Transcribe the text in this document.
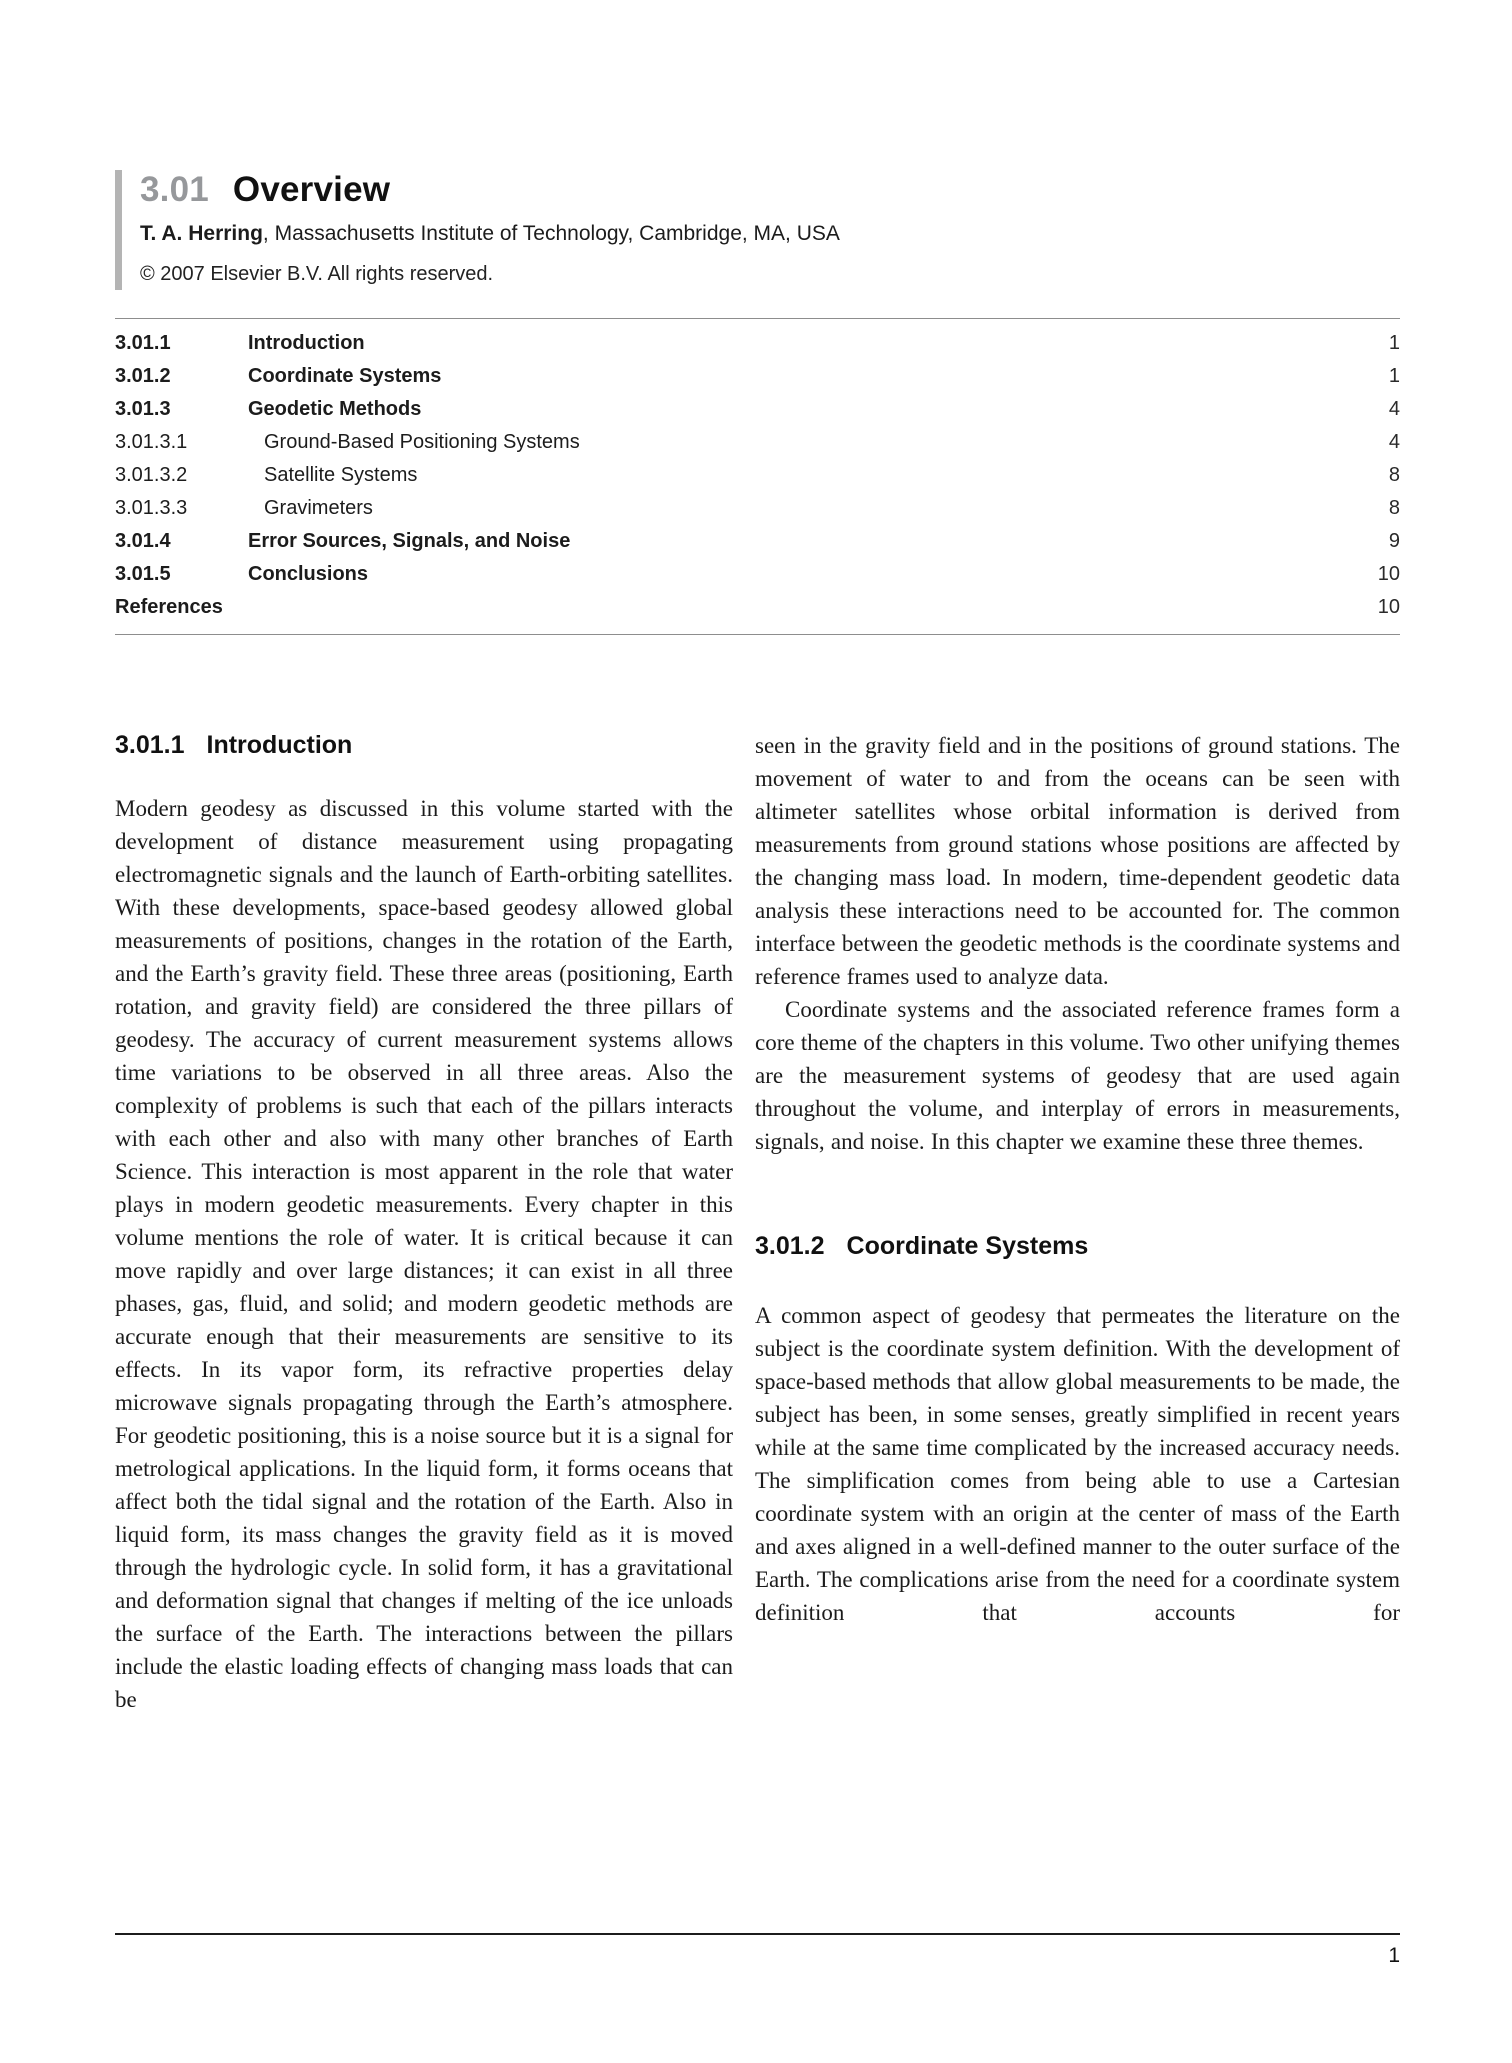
3.01 Overview

T. A. Herring, Massachusetts Institute of Technology, Cambridge, MA, USA

© 2007 Elsevier B.V. All rights reserved.

3.01.1	Introduction	1
3.01.2	Coordinate Systems	1
3.01.3	Geodetic Methods	4
3.01.3.1	Ground-Based Positioning Systems	4
3.01.3.2	Satellite Systems	8
3.01.3.3	Gravimeters	8
3.01.4	Error Sources, Signals, and Noise	9
3.01.5	Conclusions	10
References	10
3.01.1 Introduction

Modern geodesy as discussed in this volume started with the development of distance measurement using propagating electromagnetic signals and the launch of Earth-orbiting satellites. With these developments, space-based geodesy allowed global measurements of positions, changes in the rotation of the Earth, and the Earth’s gravity field. These three areas (positioning, Earth rotation, and gravity field) are considered the three pillars of geodesy. The accuracy of current measurement systems allows time variations to be observed in all three areas. Also the complexity of problems is such that each of the pillars interacts with each other and also with many other branches of Earth Science. This interaction is most apparent in the role that water plays in modern geodetic measurements. Every chapter in this volume mentions the role of water. It is critical because it can move rapidly and over large distances; it can exist in all three phases, gas, fluid, and solid; and modern geodetic methods are accurate enough that their measurements are sensitive to its effects. In its vapor form, its refractive properties delay microwave signals propagating through the Earth’s atmosphere. For geodetic positioning, this is a noise source but it is a signal for metrological applications. In the liquid form, it forms oceans that affect both the tidal signal and the rotation of the Earth. Also in liquid form, its mass changes the gravity field as it is moved through the hydrologic cycle. In solid form, it has a gravitational and deformation signal that changes if melting of the ice unloads the surface of the Earth. The interactions between the pillars include the elastic loading effects of changing mass loads that can be

seen in the gravity field and in the positions of ground stations. The movement of water to and from the oceans can be seen with altimeter satellites whose orbital information is derived from measurements from ground stations whose positions are affected by the changing mass load. In modern, time-dependent geodetic data analysis these interactions need to be accounted for. The common interface between the geodetic methods is the coordinate systems and reference frames used to analyze data.

Coordinate systems and the associated reference frames form a core theme of the chapters in this volume. Two other unifying themes are the measurement systems of geodesy that are used again throughout the volume, and interplay of errors in measurements, signals, and noise. In this chapter we examine these three themes.

3.01.2 Coordinate Systems

A common aspect of geodesy that permeates the literature on the subject is the coordinate system definition. With the development of space-based methods that allow global measurements to be made, the subject has been, in some senses, greatly simplified in recent years while at the same time complicated by the increased accuracy needs. The simplification comes from being able to use a Cartesian coordinate system with an origin at the center of mass of the Earth and axes aligned in a well-defined manner to the outer surface of the Earth. The complications arise from the need for a coordinate system definition that accounts for

1
